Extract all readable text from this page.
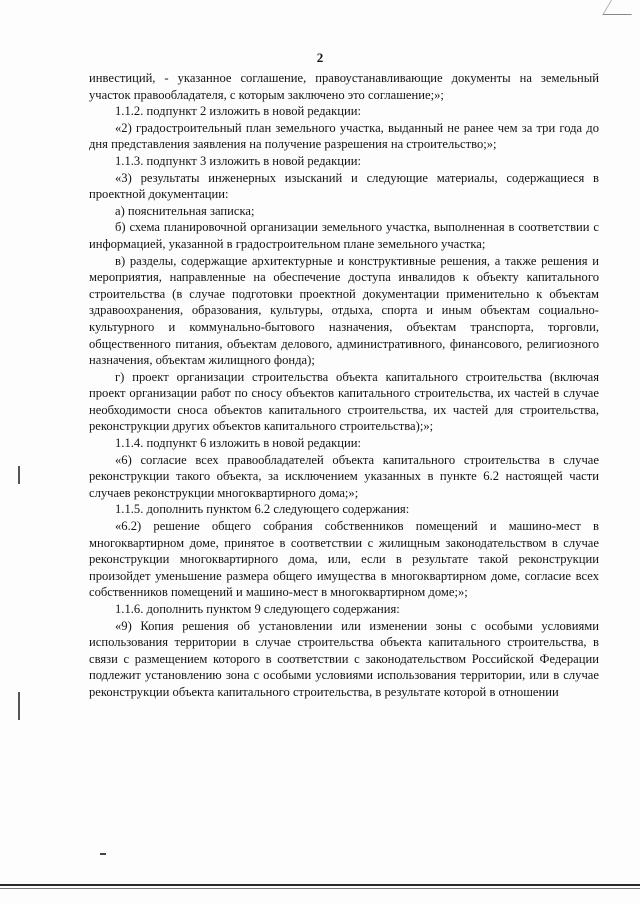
2

инвестиций, - указанное соглашение, правоустанавливающие документы на земельный участок правообладателя, с которым заключено это соглашение;»;

1.1.2. подпункт 2 изложить в новой редакции:

«2) градостроительный план земельного участка, выданный не ранее чем за три года до дня представления заявления на получение разрешения на строительство;»;

1.1.3. подпункт 3 изложить в новой редакции:

«3) результаты инженерных изысканий и следующие материалы, содержащиеся в проектной документации:

а) пояснительная записка;

б) схема планировочной организации земельного участка, выполненная в соответствии с информацией, указанной в градостроительном плане земельного участка;

в) разделы, содержащие архитектурные и конструктивные решения, а также решения и мероприятия, направленные на обеспечение доступа инвалидов к объекту капитального строительства (в случае подготовки проектной документации применительно к объектам здравоохранения, образования, культуры, отдыха, спорта и иным объектам социально-культурного и коммунально-бытового назначения, объектам транспорта, торговли, общественного питания, объектам делового, административного, финансового, религиозного назначения, объектам жилищного фонда);

г) проект организации строительства объекта капитального строительства (включая проект организации работ по сносу объектов капитального строительства, их частей в случае необходимости сноса объектов капитального строительства, их частей для строительства, реконструкции других объектов капитального строительства);»;

1.1.4. подпункт 6 изложить в новой редакции:

«6) согласие всех правообладателей объекта капитального строительства в случае реконструкции такого объекта, за исключением указанных в пункте 6.2 настоящей части случаев реконструкции многоквартирного дома;»;

1.1.5. дополнить пунктом 6.2 следующего содержания:

«6.2) решение общего собрания собственников помещений и машино-мест в многоквартирном доме, принятое в соответствии с жилищным законодательством в случае реконструкции многоквартирного дома, или, если в результате такой реконструкции произойдет уменьшение размера общего имущества в многоквартирном доме, согласие всех собственников помещений и машино-мест в многоквартирном доме;»;

1.1.6. дополнить пунктом 9 следующего содержания:

«9) Копия решения об установлении или изменении зоны с особыми условиями использования территории в случае строительства объекта капитального строительства, в связи с размещением которого в соответствии с законодательством Российской Федерации подлежит установлению зона с особыми условиями использования территории, или в случае реконструкции объекта капитального строительства, в результате которой в отношении
